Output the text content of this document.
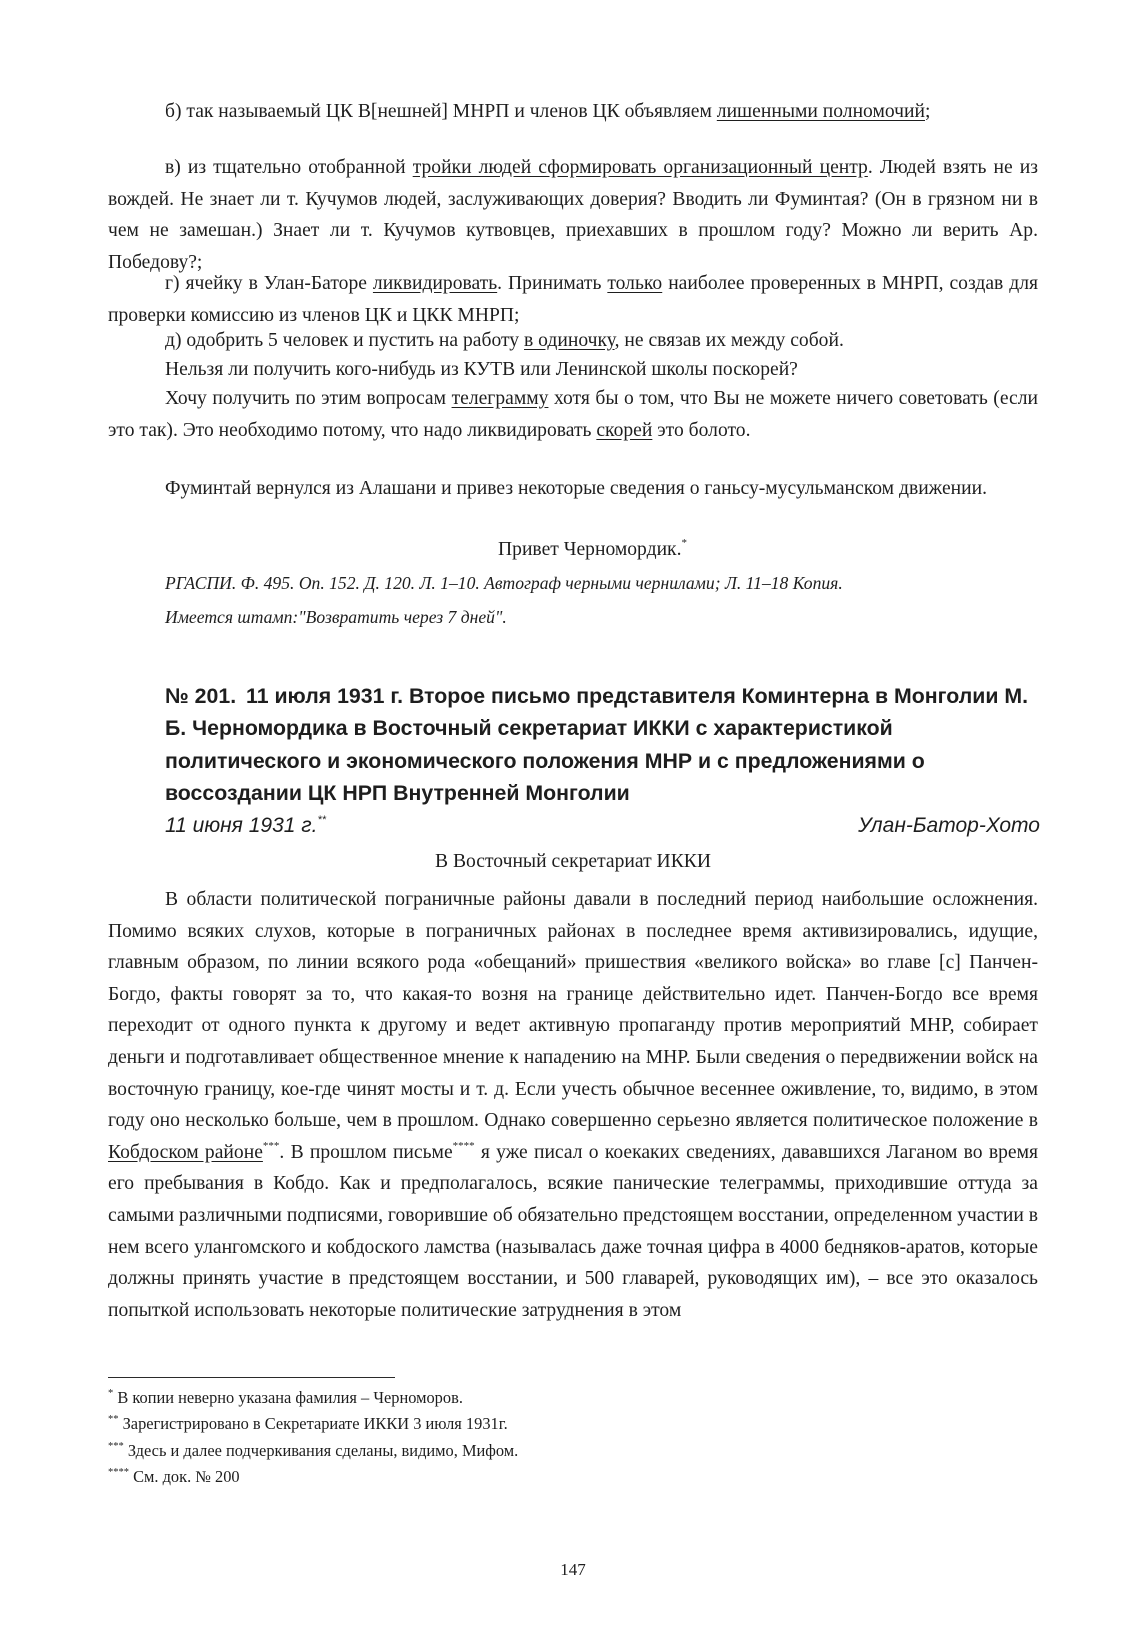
б) так называемый ЦК В[нешней] МНРП и членов ЦК объявляем лишенными полномочий;

в) из тщательно отобранной тройки людей сформировать организационный центр. Людей взять не из вождей. Не знает ли т. Кучумов людей, заслуживающих доверия? Вводить ли Фуминтая? (Он в грязном ни в чем не замешан.) Знает ли т. Кучумов кутвовцев, приехавших в прошлом году? Можно ли верить Ар. Победову?;

г) ячейку в Улан-Баторе ликвидировать. Принимать только наиболее проверенных в МНРП, создав для проверки комиссию из членов ЦК и ЦКК МНРП;

д) одобрить 5 человек и пустить на работу в одиночку, не связав их между собой.

Нельзя ли получить кого-нибудь из КУТВ или Ленинской школы поскорей?

Хочу получить по этим вопросам телеграмму хотя бы о том, что Вы не можете ничего советовать (если это так). Это необходимо потому, что надо ликвидировать скорей это болото.

Фуминтай вернулся из Алашани и привез некоторые сведения о ганьсу-мусульманском движении.

Привет Черномордик.*
РГАСПИ. Ф. 495. Оп. 152. Д. 120. Л. 1–10. Автограф черными чернилами; Л. 11–18 Копия.
Имеется штамп:"Возвратить через 7 дней".
№ 201. 11 июля 1931 г. Второе письмо представителя Коминтерна в Монголии М. Б. Черномордика в Восточный секретариат ИККИ с характеристикой политического и экономического положения МНР и с предложениями о воссоздании ЦК НРП Внутренней Монголии
11 июня 1931 г.**	Улан-Батор-Хото
В Восточный секретариат ИККИ

В области политической пограничные районы давали в последний период наибольшие осложнения. Помимо всяких слухов, которые в пограничных районах в последнее время активизировались, идущие, главным образом, по линии всякого рода «обещаний» пришествия «великого войска» во главе [с] Панчен-Богдо, факты говорят за то, что какая-то возня на границе действительно идет. Панчен-Богдо все время переходит от одного пункта к другому и ведет активную пропаганду против мероприятий МНР, собирает деньги и подготавливает общественное мнение к нападению на МНР. Были сведения о передвижении войск на восточную границу, кое-где чинят мосты и т. д. Если учесть обычное весеннее оживление, то, видимо, в этом году оно несколько больше, чем в прошлом. Однако совершенно серьезно является политическое положение в Кобдоском районе***. В прошлом письме**** я уже писал о коекаких сведениях, дававшихся Лаганом во время его пребывания в Кобдо. Как и предполагалось, всякие панические телеграммы, приходившие оттуда за самыми различными подписями, говорившие об обязательно предстоящем восстании, определенном участии в нем всего улангомского и кобдоского ламства (называлась даже точная цифра в 4000 бедняков-аратов, которые должны принять участие в предстоящем восстании, и 500 главарей, руководящих им), – все это оказалось попыткой использовать некоторые политические затруднения в этом

* В копии неверно указана фамилия – Черноморов.
** Зарегистрировано в Секретариате ИККИ 3 июля 1931г.
*** Здесь и далее подчеркивания сделаны, видимо, Мифом.
**** См. док. № 200
147
